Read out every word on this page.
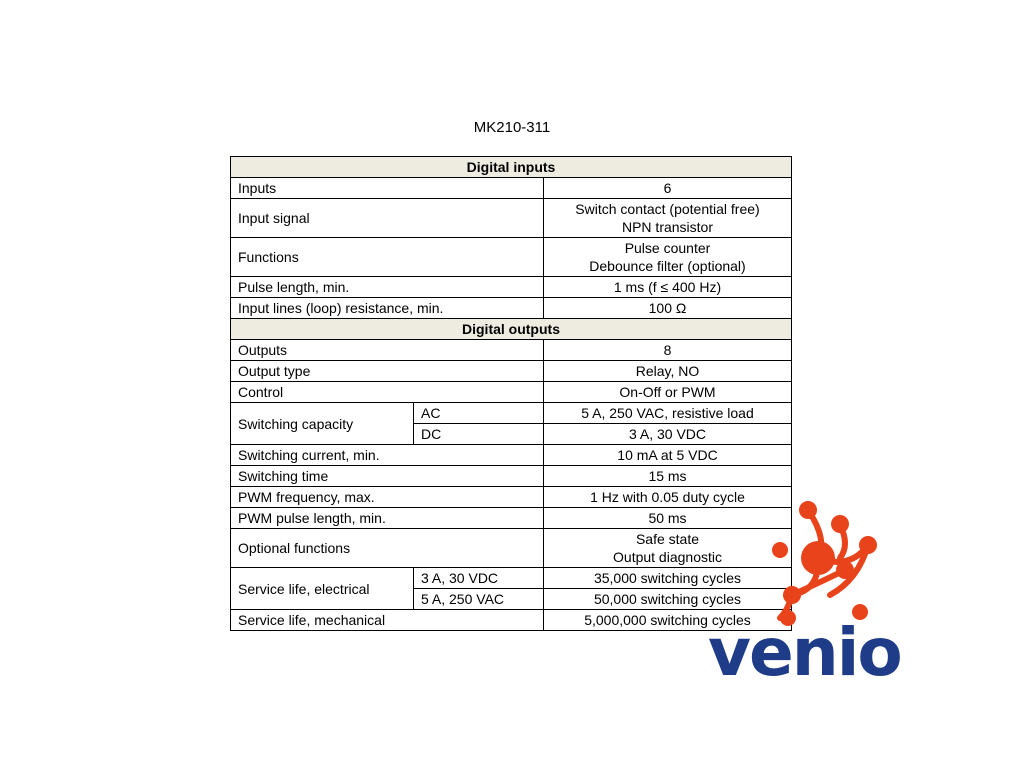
MK210-311
Digital inputs		
Inputs		6
Input signal		Switch contact (potential free)
NPN transistor

Functions		Pulse counter
Debounce filter (optional)

Pulse length, min.		1 ms (f ≤ 400 Hz)
Input lines (loop) resistance, min.		100 Ω
Digital outputs		
Outputs		8
Output type		Relay, NO
Control		On-Off or PWM
Switching capacity	AC	5 A, 250 VAC, resistive load
	DC	3 A, 30 VDC
Switching current, min.		10 mA at 5 VDC
Switching time		15 ms
PWM frequency, max.		1 Hz with 0.05 duty cycle
PWM pulse length, min.		50 ms
Optional functions		Safe state
Output diagnostic

Service life, electrical	3 A, 30 VDC	35,000 switching cycles
	5 A, 250 VAC	50,000 switching cycles
Service life, mechanical		5,000,000 switching cycles
venio
